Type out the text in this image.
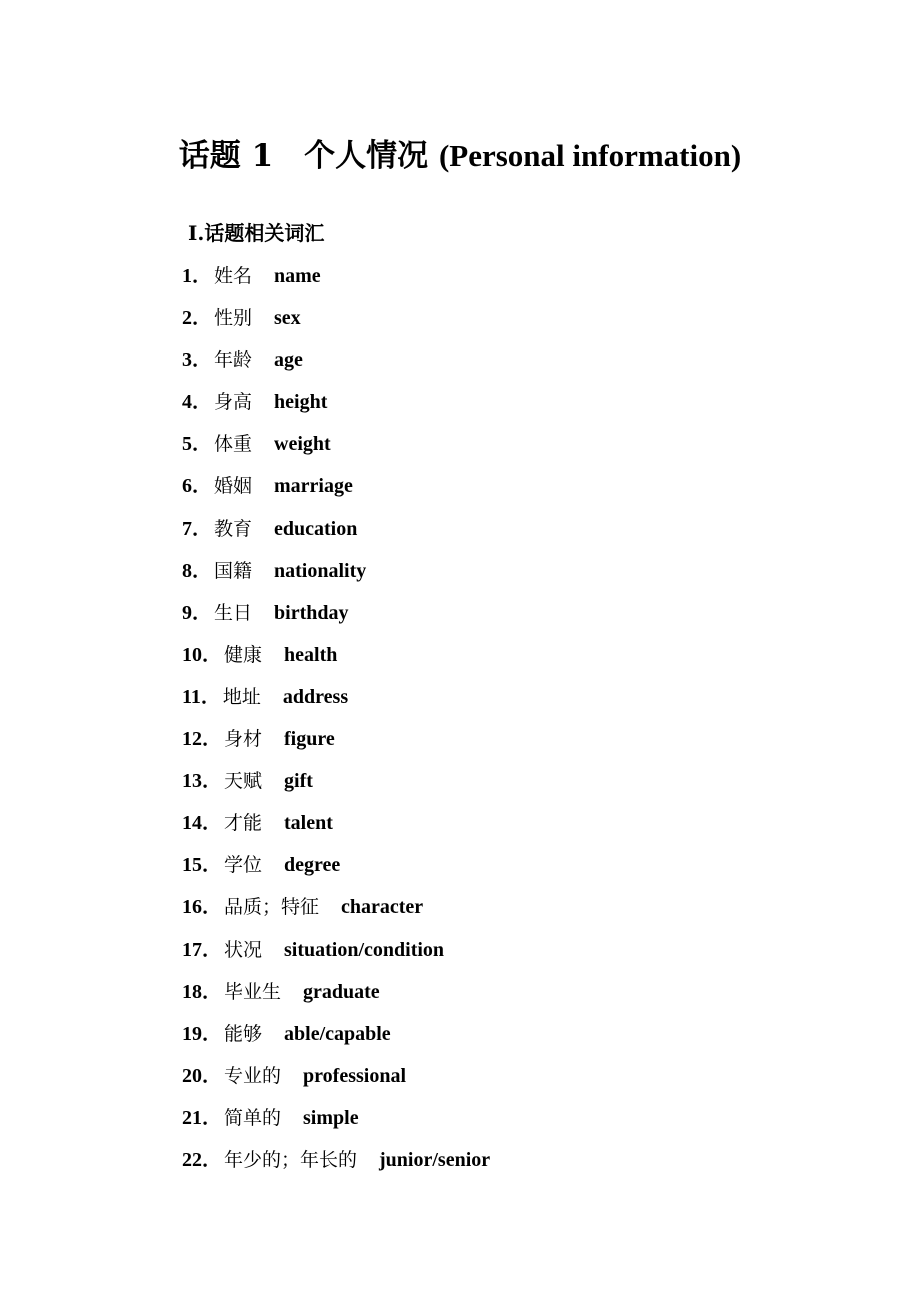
话题 1　个人情况 (Personal information)
Ⅰ.话题相关词汇
1． 姓名 name
2． 性别 sex
3． 年龄 age
4． 身高 height
5． 体重 weight
6． 婚姻 marriage
7． 教育 education
8． 国籍 nationality
9． 生日 birthday
10． 健康 health
11． 地址 address
12． 身材 figure
13． 天赋 gift
14． 才能 talent
15． 学位 degree
16． 品质；特征 character
17． 状况 situation/condition
18． 毕业生 graduate
19． 能够 able/capable
20． 专业的 professional
21． 简单的 simple
22． 年少的；年长的 junior/senior
